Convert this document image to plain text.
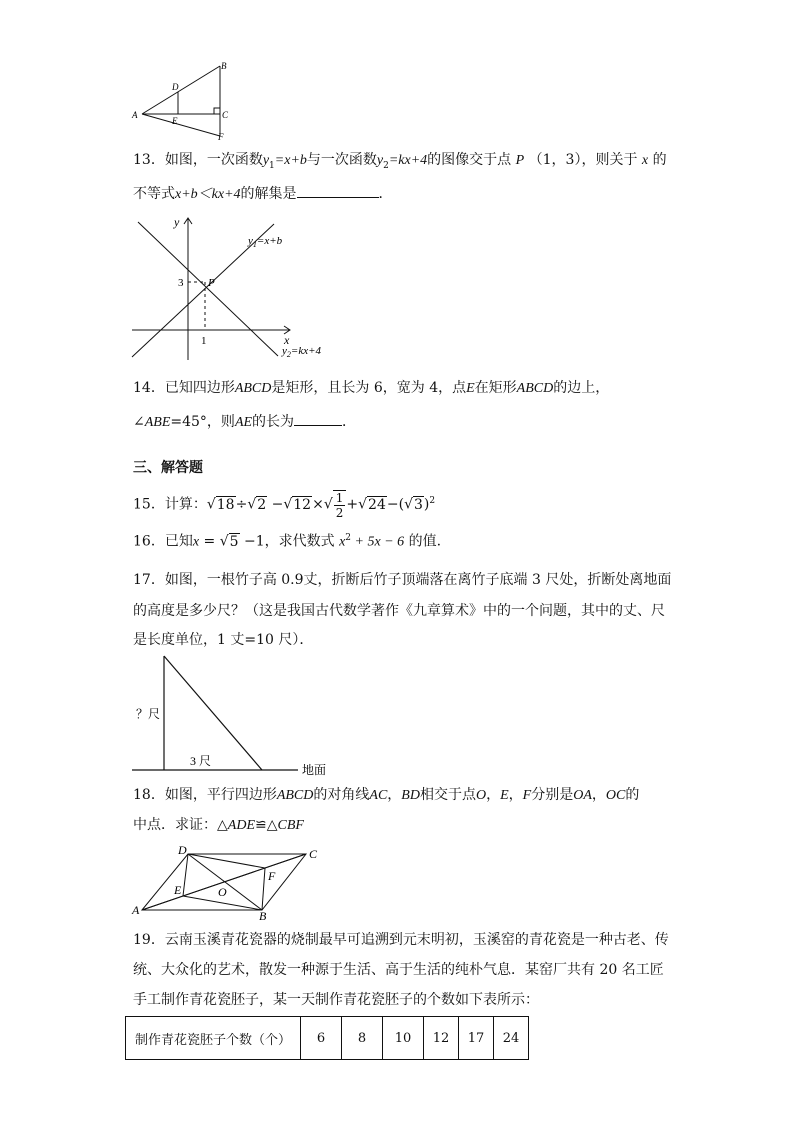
B
A
D
E
C
F
13．如图，一次函数$y_1=x+b$与一次函数$y_2=kx+4$的图像交于点 P （1，3），则关于 x 的
不等式x+b＜kx+4的解集是	．
y
x
3
1
P
$y_1=x+b$
$y_2=kx+4$
14．已知四边形ABCD是矩形，且长为 6，宽为 4，点E在矩形ABCD的边上，
∠ABE=45°，则AE的长为	．
三、解答题
15．计算：$√18\div√2 -√12\times√ \frac{1}{2} +√24-(√3)^2$
16．已知x = √5 −1，求代数式 $x^2 + 5x - 6$ 的值.
17．如图，一根竹子高 0.9丈，折断后竹子顶端落在离竹子底端 3 尺处，折断处离地面
的高度是多少尺？（这是我国古代数学著作《九章算术》中的一个问题，其中的丈、尺
是长度单位，1 丈=10 尺）．
？尺
3 尺
地面
18．如图，平行四边形ABCD的对角线AC，BD相交于点O，E，F分别是OA，OC的
中点．求证：△ADE≌△CBF
A
D	C
B
E	O
F
19．云南玉溪青花瓷器的烧制最早可追溯到元末明初，玉溪窑的青花瓷是一种古老、传
统、大众化的艺术，散发一种源于生活、高于生活的纯朴气息．某窑厂共有 20 名工匠
手工制作青花瓷胚子，某一天制作青花瓷胚子的个数如下表所示：
制作青花瓷胚子个数（个）	6	8	10	12	17	24
